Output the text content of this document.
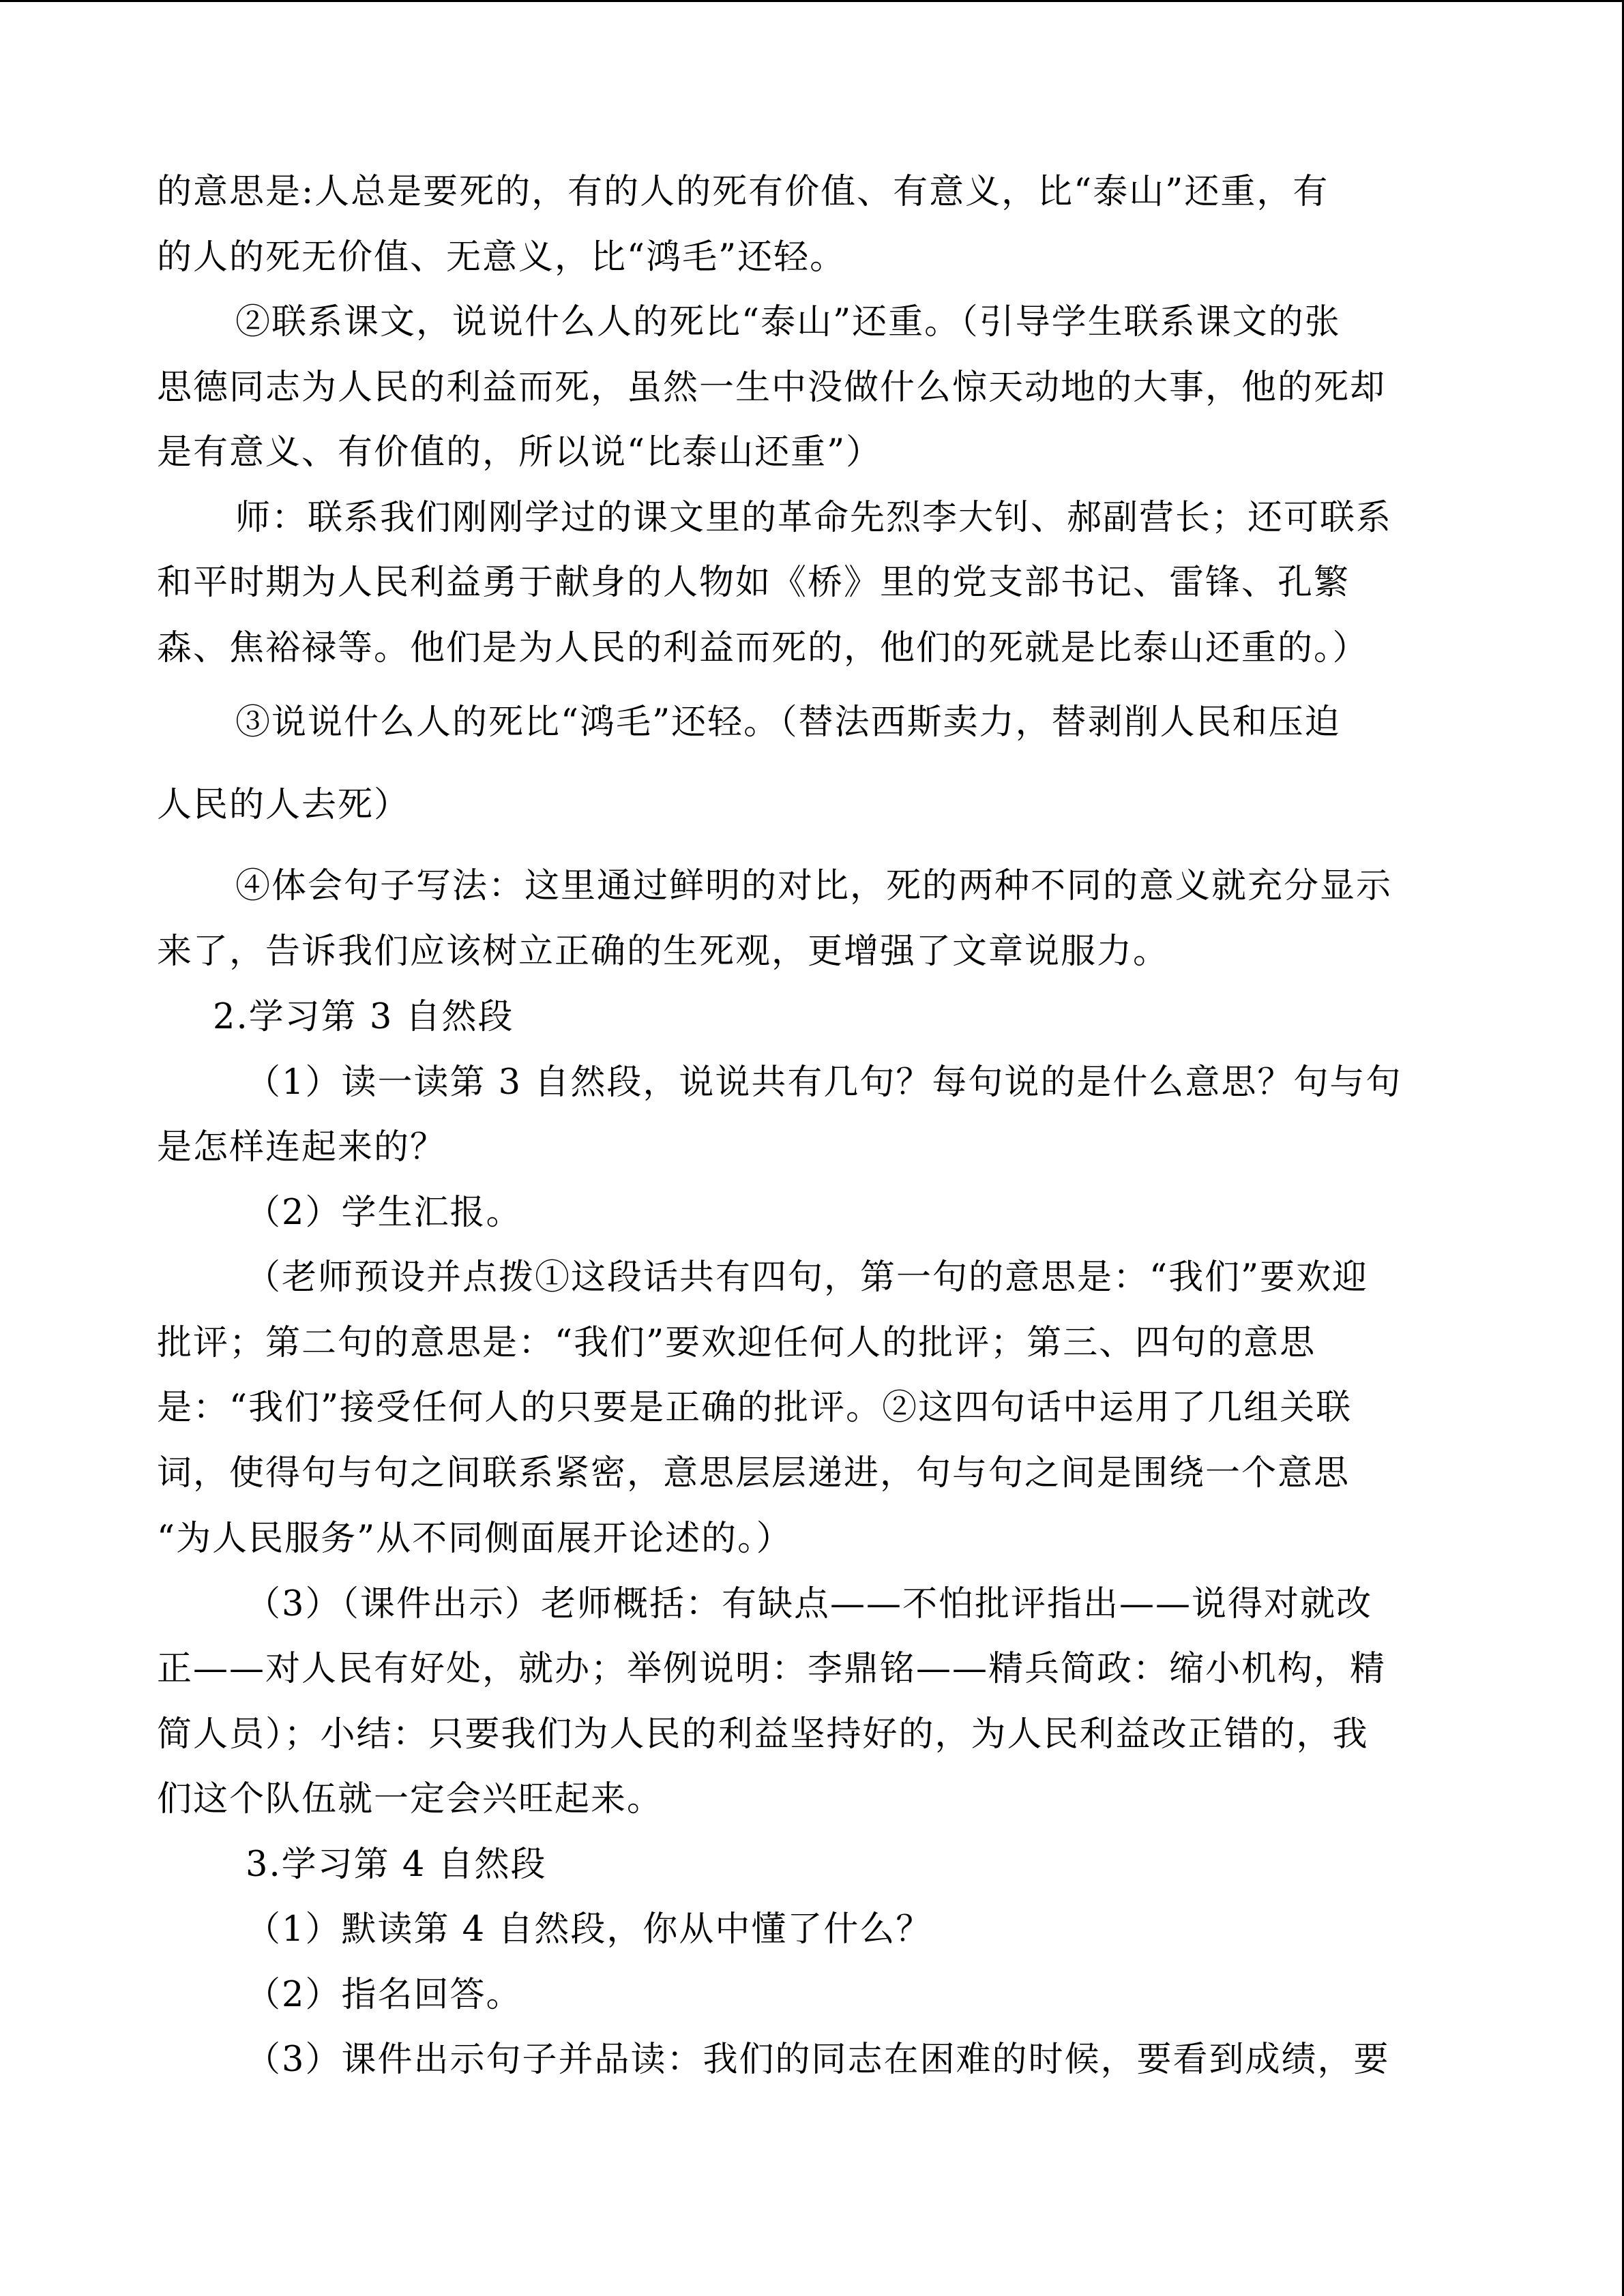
的意思是:人总是要死的，有的人的死有价值、有意义，比“泰山”还重，有
的人的死无价值、无意义，比“鸿毛”还轻。
②联系课文，说说什么人的死比“泰山”还重。（引导学生联系课文的张
思德同志为人民的利益而死，虽然一生中没做什么惊天动地的大事，他的死却
是有意义、有价值的，所以说“比泰山还重”）
师：联系我们刚刚学过的课文里的革命先烈李大钊、郝副营长；还可联系
和平时期为人民利益勇于献身的人物如《桥》里的党支部书记、雷锋、孔繁
森、焦裕禄等。他们是为人民的利益而死的，他们的死就是比泰山还重的。）
③说说什么人的死比“鸿毛”还轻。（替法西斯卖力，替剥削人民和压迫
人民的人去死）
④体会句子写法：这里通过鲜明的对比，死的两种不同的意义就充分显示
来了，告诉我们应该树立正确的生死观，更增强了文章说服力。
2.学习第 3 自然段
（1）读一读第 3 自然段，说说共有几句？每句说的是什么意思？句与句
是怎样连起来的？
（2）学生汇报。
（老师预设并点拨①这段话共有四句，第一句的意思是：“我们”要欢迎
批评；第二句的意思是：“我们”要欢迎任何人的批评；第三、四句的意思
是：“我们”接受任何人的只要是正确的批评。②这四句话中运用了几组关联
词，使得句与句之间联系紧密，意思层层递进，句与句之间是围绕一个意思
“为人民服务”从不同侧面展开论述的。）
（3）（课件出示）老师概括：有缺点——不怕批评指出——说得对就改
正——对人民有好处，就办；举例说明：李鼎铭——精兵简政：缩小机构，精
简人员）；小结：只要我们为人民的利益坚持好的，为人民利益改正错的，我
们这个队伍就一定会兴旺起来。
3.学习第 4 自然段
（1）默读第 4 自然段，你从中懂了什么？
（2）指名回答。
（3）课件出示句子并品读：我们的同志在困难的时候，要看到成绩，要
